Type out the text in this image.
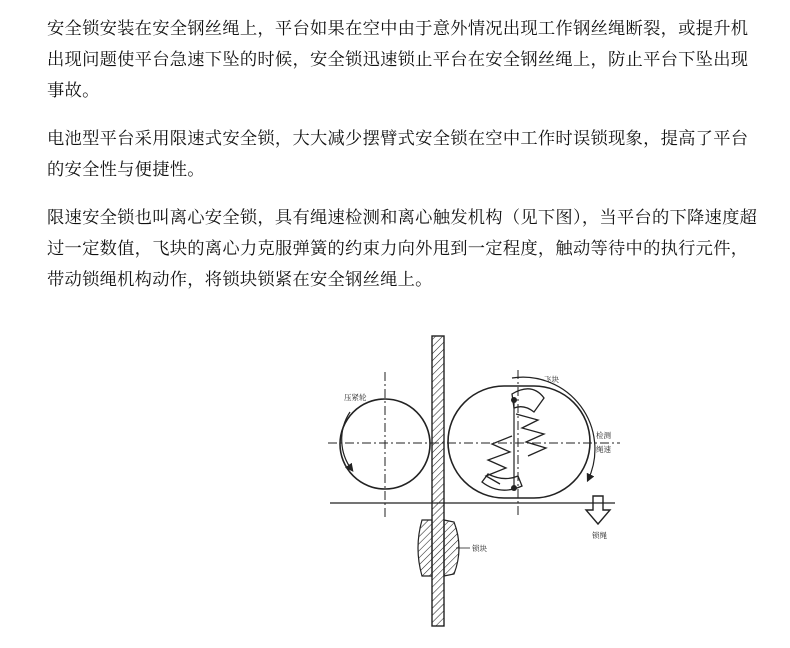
安全锁安装在安全钢丝绳上，平台如果在空中由于意外情况出现工作钢丝绳断裂，或提升机出现问题使平台急速下坠的时候，安全锁迅速锁止平台在安全钢丝绳上，防止平台下坠出现事故。

电池型平台采用限速式安全锁，大大减少摆臂式安全锁在空中工作时误锁现象，提高了平台的安全性与便捷性。

限速安全锁也叫离心安全锁，具有绳速检测和离心触发机构（见下图），当平台的下降速度超过一定数值，飞块的离心力克服弹簧的约束力向外甩到一定程度，触动等待中的执行元件，带动锁绳机构动作，将锁块锁紧在安全钢丝绳上。

压紧轮
飞块
检测
绳速
锁块
锁绳
